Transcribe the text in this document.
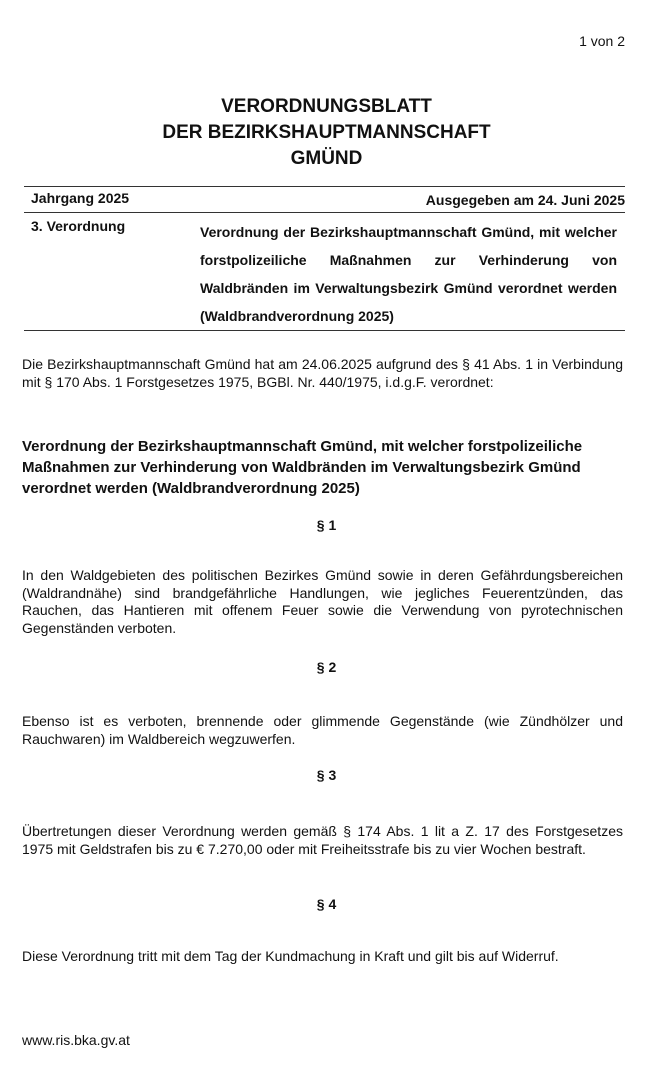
1 von 2
VERORDNUNGSBLATT
DER BEZIRKSHAUPTMANNSCHAFT
GMÜND
Jahrgang 2025	Ausgegeben am 24. Juni 2025
3. Verordnung	Verordnung der Bezirkshauptmannschaft Gmünd, mit welcher forstpolizeiliche Maßnahmen zur Verhinderung von Waldbränden im Verwaltungsbezirk Gmünd verordnet werden (Waldbrandverordnung 2025)
Die Bezirkshauptmannschaft Gmünd hat am 24.06.2025 aufgrund des § 41 Abs. 1 in Verbindung mit § 170 Abs. 1 Forstgesetzes 1975, BGBl. Nr. 440/1975, i.d.g.F. verordnet:
Verordnung der Bezirkshauptmannschaft Gmünd, mit welcher forstpolizeiliche Maßnahmen zur Verhinderung von Waldbränden im Verwaltungsbezirk Gmünd verordnet werden (Waldbrandverordnung 2025)
§ 1
In den Waldgebieten des politischen Bezirkes Gmünd sowie in deren Gefährdungsbereichen (Waldrandnähe) sind brandgefährliche Handlungen, wie jegliches Feuerentzünden, das Rauchen, das Hantieren mit offenem Feuer sowie die Verwendung von pyrotechnischen Gegenständen verboten.
§ 2
Ebenso ist es verboten, brennende oder glimmende Gegenstände (wie Zündhölzer und Rauchwaren) im Waldbereich wegzuwerfen.
§ 3
Übertretungen dieser Verordnung werden gemäß § 174 Abs. 1 lit a Z. 17 des Forstgesetzes 1975 mit Geldstrafen bis zu € 7.270,00 oder mit Freiheitsstrafe bis zu vier Wochen bestraft.
§ 4
Diese Verordnung tritt mit dem Tag der Kundmachung in Kraft und gilt bis auf Widerruf.
www.ris.bka.gv.at
